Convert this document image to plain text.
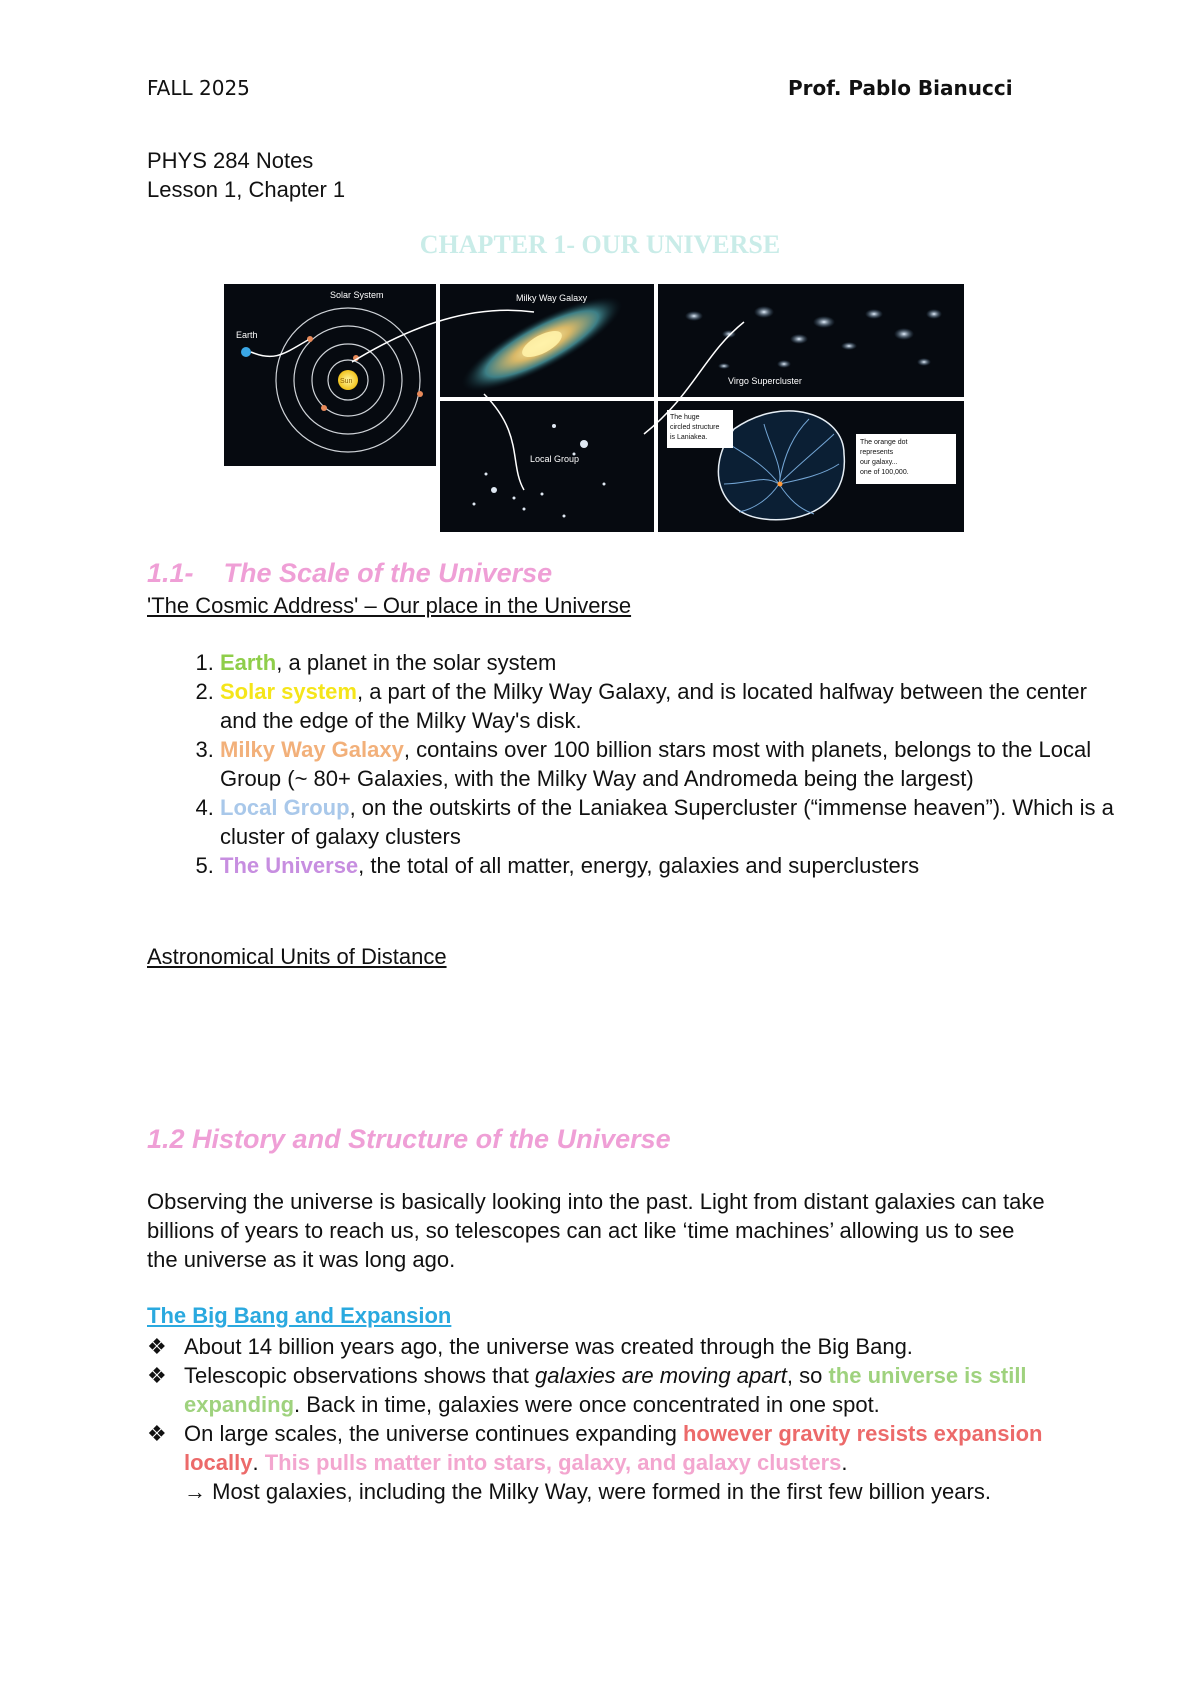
FALL 2025	Prof. Pablo Bianucci
PHYS 284 Notes
Lesson 1, Chapter 1
CHAPTER 1- OUR UNIVERSE
Solar System
Earth
Sun
Milky Way Galaxy
Virgo Supercluster
Local Group
The huge circled structure is Laniakea.
The orange dot represents our galaxy... one of 100,000.
1.1- The Scale of the Universe
'The Cosmic Address' – Our place in the Universe
1. Earth, a planet in the solar system
2. Solar system, a part of the Milky Way Galaxy, and is located halfway between the center and the edge of the Milky Way's disk.
3. Milky Way Galaxy, contains over 100 billion stars most with planets, belongs to the Local Group (~ 80+ Galaxies, with the Milky Way and Andromeda being the largest)
4. Local Group, on the outskirts of the Laniakea Supercluster (“immense heaven”). Which is a cluster of galaxy clusters
5. The Universe, the total of all matter, energy, galaxies and superclusters
Astronomical Units of Distance
1.2 History and Structure of the Universe
Observing the universe is basically looking into the past. Light from distant galaxies can take billions of years to reach us, so telescopes can act like ‘time machines’ allowing us to see the universe as it was long ago.
The Big Bang and Expansion
❖ About 14 billion years ago, the universe was created through the Big Bang.
❖ Telescopic observations shows that galaxies are moving apart, so the universe is still expanding. Back in time, galaxies were once concentrated in one spot.
❖ On large scales, the universe continues expanding however gravity resists expansion locally. This pulls matter into stars, galaxy, and galaxy clusters.
→ Most galaxies, including the Milky Way, were formed in the first few billion years.
